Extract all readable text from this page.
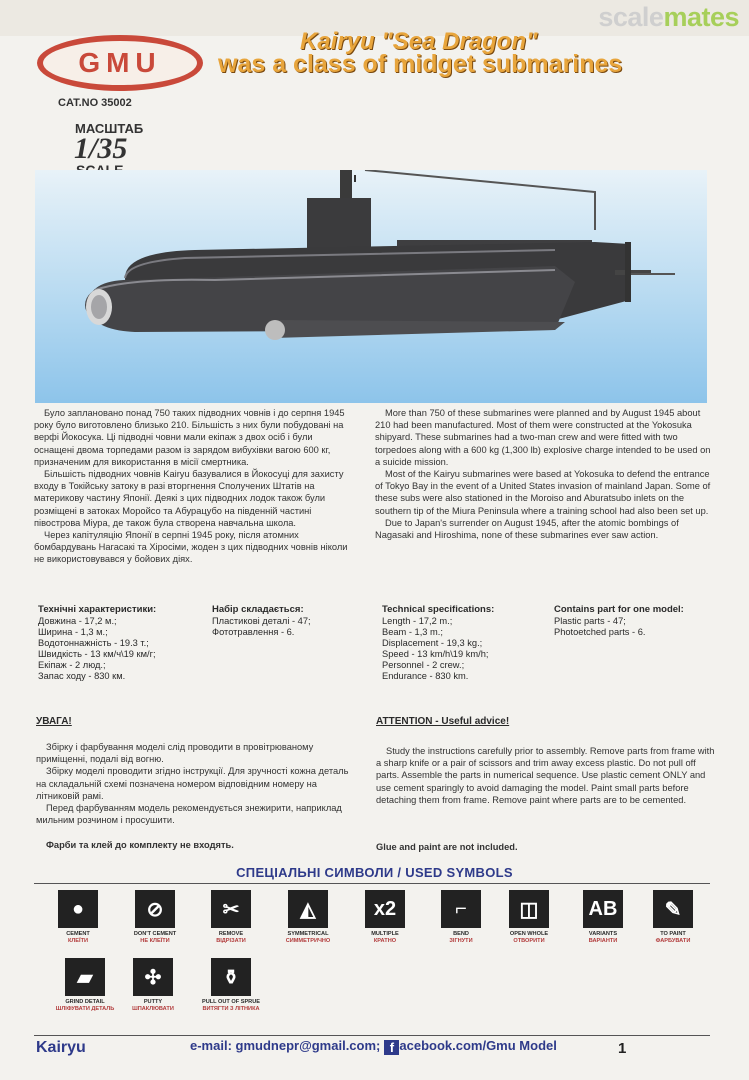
scalemates
GMU
Kairyu "Sea Dragon"
was a class of midget submarines
CAT.NO 35002
МАСШТАБ
1/35

Було заплановано понад 750 таких підводних човнів і до серпня 1945 року було виготовлено близько 210. Більшість з них були побудовані на верфі Йокосука. Ці підводні човни мали екіпаж з двох осіб і були оснащені двома торпедами разом із зарядом вибухівки вагою 600 кг, призначеним для використання в місії смертника.

Більшість підводних човнів Kairyu базувалися в Йокосуці для захисту входу в Токійську затоку в разі вторгнення Сполучених Штатів на материкову частину Японії. Деякі з цих підводних лодок також були розміщені в затоках Моройсо та Абурацубо на південній частині півострова Міура, де також була створена навчальна школа.

Через капітуляцію Японії в серпні 1945 року, після атомних бомбардувань Нагасакі та Хіросіми, жоден з цих підводних човнів ніколи не використовувався у бойових діях.

More than 750 of these submarines were planned and by August 1945 about 210 had been manufactured. Most of them were constructed at the Yokosuka shipyard. These submarines had a two-man crew and were fitted with two torpedoes along with a 600 kg (1,300 lb) explosive charge intended to be used on a suicide mission.

Most of the Kairyu submarines were based at Yokosuka to defend the entrance of Tokyo Bay in the event of a United States invasion of mainland Japan. Some of these subs were also stationed in the Moroiso and Aburatsubo inlets on the southern tip of the Miura Peninsula where a training school had also been set up.

Due to Japan's surrender on August 1945, after the atomic bombings of Nagasaki and Hiroshima, none of these submarines ever saw action.

Технічні характеристики:
Довжина - 17,2 м.;
Ширина - 1,3 м.;
Водотоннажність - 19.3 т.;
Швидкість - 13 км/ч\19 км/г;
Екіпаж - 2 люд.;
Запас ходу - 830 км.
Набір складається:
Пластикові деталі - 47;
Фототравлення - 6.
Technical specifications:
Length - 17,2 m.;
Beam - 1,3 m.;
Displacement - 19,3 kg.;
Speed - 13 km/h\19 km/h;
Personnel - 2 crew.;
Endurance - 830 km.
Contains part for one model:
Plastic parts - 47;
Photoetched parts - 6.
УВАГА!

Збірку і фарбування моделі слід проводити в провітрюваному приміщенні, подалі від вогню.

Збірку моделі проводити згідно інструкції. Для зручності кожна деталь на складальній схемі позначена номером відповідним номеру на літниковій рамі.

Перед фарбуванням модель рекомендується знежирити, наприклад мильним розчином і просушити.

Фарби та клей до комплекту не входять.
ATTENTION - Useful advice!

Study the instructions carefully prior to assembly. Remove parts from frame with a sharp knife or a pair of scissors and trim away excess plastic. Do not pull off parts. Assemble the parts in numerical sequence. Use plastic cement ONLY and use cement sparingly to avoid damaging the model. Paint small parts before detaching them from frame. Remove paint where parts are to be cemented.

Glue and paint are not included.
СПЕЦІАЛЬНІ СИМВОЛИ / USED SYMBOLS
●
CEMENT
КЛЕЇТИ
⊘
DON'T CEMENT
НЕ КЛЕЇТИ
✂
REMOVE
ВІДРІЗАТИ
◭
SYMMETRICAL
СИММЕТРИЧНО
x2
MULTIPLE
КРАТНО
⌐
BEND
ЗІГНУТИ
◫
OPEN WHOLE
ОТВОРИТИ
AB
VARIANTS
ВАРІАНТИ
✎
TO PAINT
ФАРБУВАТИ
▰
GRIND DETAIL
ШЛІФУВАТИ ДЕТАЛЬ
✣
PUTTY
ШПАКЛЮВАТИ
⚱
PULL OUT OF SPRUE
ВИТЯГТИ З ЛІТНИКА
Kairyu	e-mail: gmudnepr@gmail.com; f acebook.com/Gmu Model	1
